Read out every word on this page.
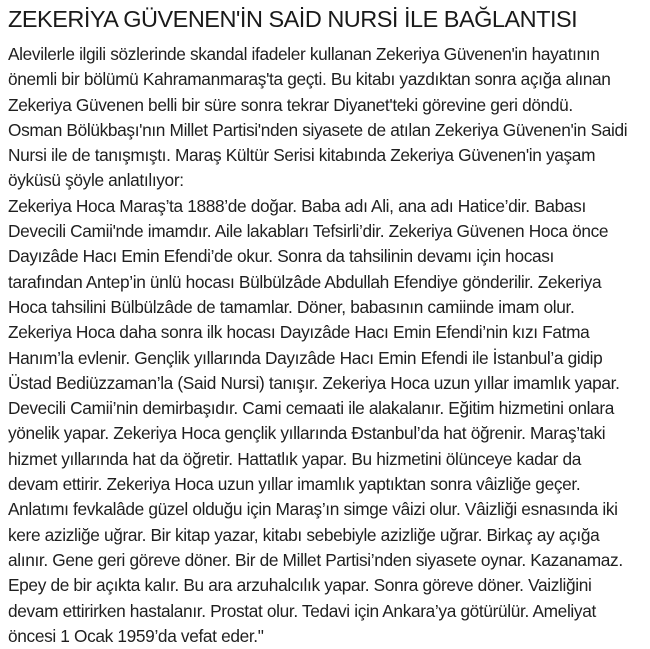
ZEKERİYA GÜVENEN'İN SAİD NURSİ İLE BAĞLANTISI
Alevilerle ilgili sözlerinde skandal ifadeler kullanan Zekeriya Güvenen'in hayatının
önemli bir bölümü Kahramanmaraş'ta geçti. Bu kitabı yazdıktan sonra açığa alınan
Zekeriya Güvenen belli bir süre sonra tekrar Diyanet'teki görevine geri döndü.
Osman Bölükbaşı'nın Millet Partisi'nden siyasete de atılan Zekeriya Güvenen'in Saidi
Nursi ile de tanışmıştı. Maraş Kültür Serisi kitabında Zekeriya Güvenen'in yaşam
öyküsü şöyle anlatılıyor:
Zekeriya Hoca Maraş’ta 1888’de doğar. Baba adı Ali, ana adı Hatice’dir. Babası
Devecili Camii'nde imamdır. Aile lakabları Tefsirli’dir. Zekeriya Güvenen Hoca önce
Dayızâde Hacı Emin Efendi’de okur. Sonra da tahsilinin devamı için hocası
tarafından Antep’in ünlü hocası Bülbülzâde Abdullah Efendiye gönderilir. Zekeriya
Hoca tahsilini Bülbülzâde de tamamlar. Döner, babasının camiinde imam olur.
Zekeriya Hoca daha sonra ilk hocası Dayızâde Hacı Emin Efendi’nin kızı Fatma
Hanım’la evlenir. Gençlik yıllarında Dayızâde Hacı Emin Efendi ile İstanbul’a gidip
Üstad Bediüzzaman’la (Said Nursi) tanışır. Zekeriya Hoca uzun yıllar imamlık yapar.
Devecili Camii’nin demirbaşıdır. Cami cemaati ile alakalanır. Eğitim hizmetini onlara
yönelik yapar. Zekeriya Hoca gençlik yıllarında Đstanbul’da hat öğrenir. Maraş’taki
hizmet yıllarında hat da öğretir. Hattatlık yapar. Bu hizmetini ölünceye kadar da
devam ettirir. Zekeriya Hoca uzun yıllar imamlık yaptıktan sonra vâizliğe geçer.
Anlatımı fevkalâde güzel olduğu için Maraş’ın simge vâizi olur. Vâizliği esnasında iki
kere azizliğe uğrar. Bir kitap yazar, kitabı sebebiyle azizliğe uğrar. Birkaç ay açığa
alınır. Gene geri göreve döner. Bir de Millet Partisi’nden siyasete oynar. Kazanamaz.
Epey de bir açıkta kalır. Bu ara arzuhalcılık yapar. Sonra göreve döner. Vaizliğini
devam ettirirken hastalanır. Prostat olur. Tedavi için Ankara’ya götürülür. Ameliyat
öncesi 1 Ocak 1959’da vefat eder."
